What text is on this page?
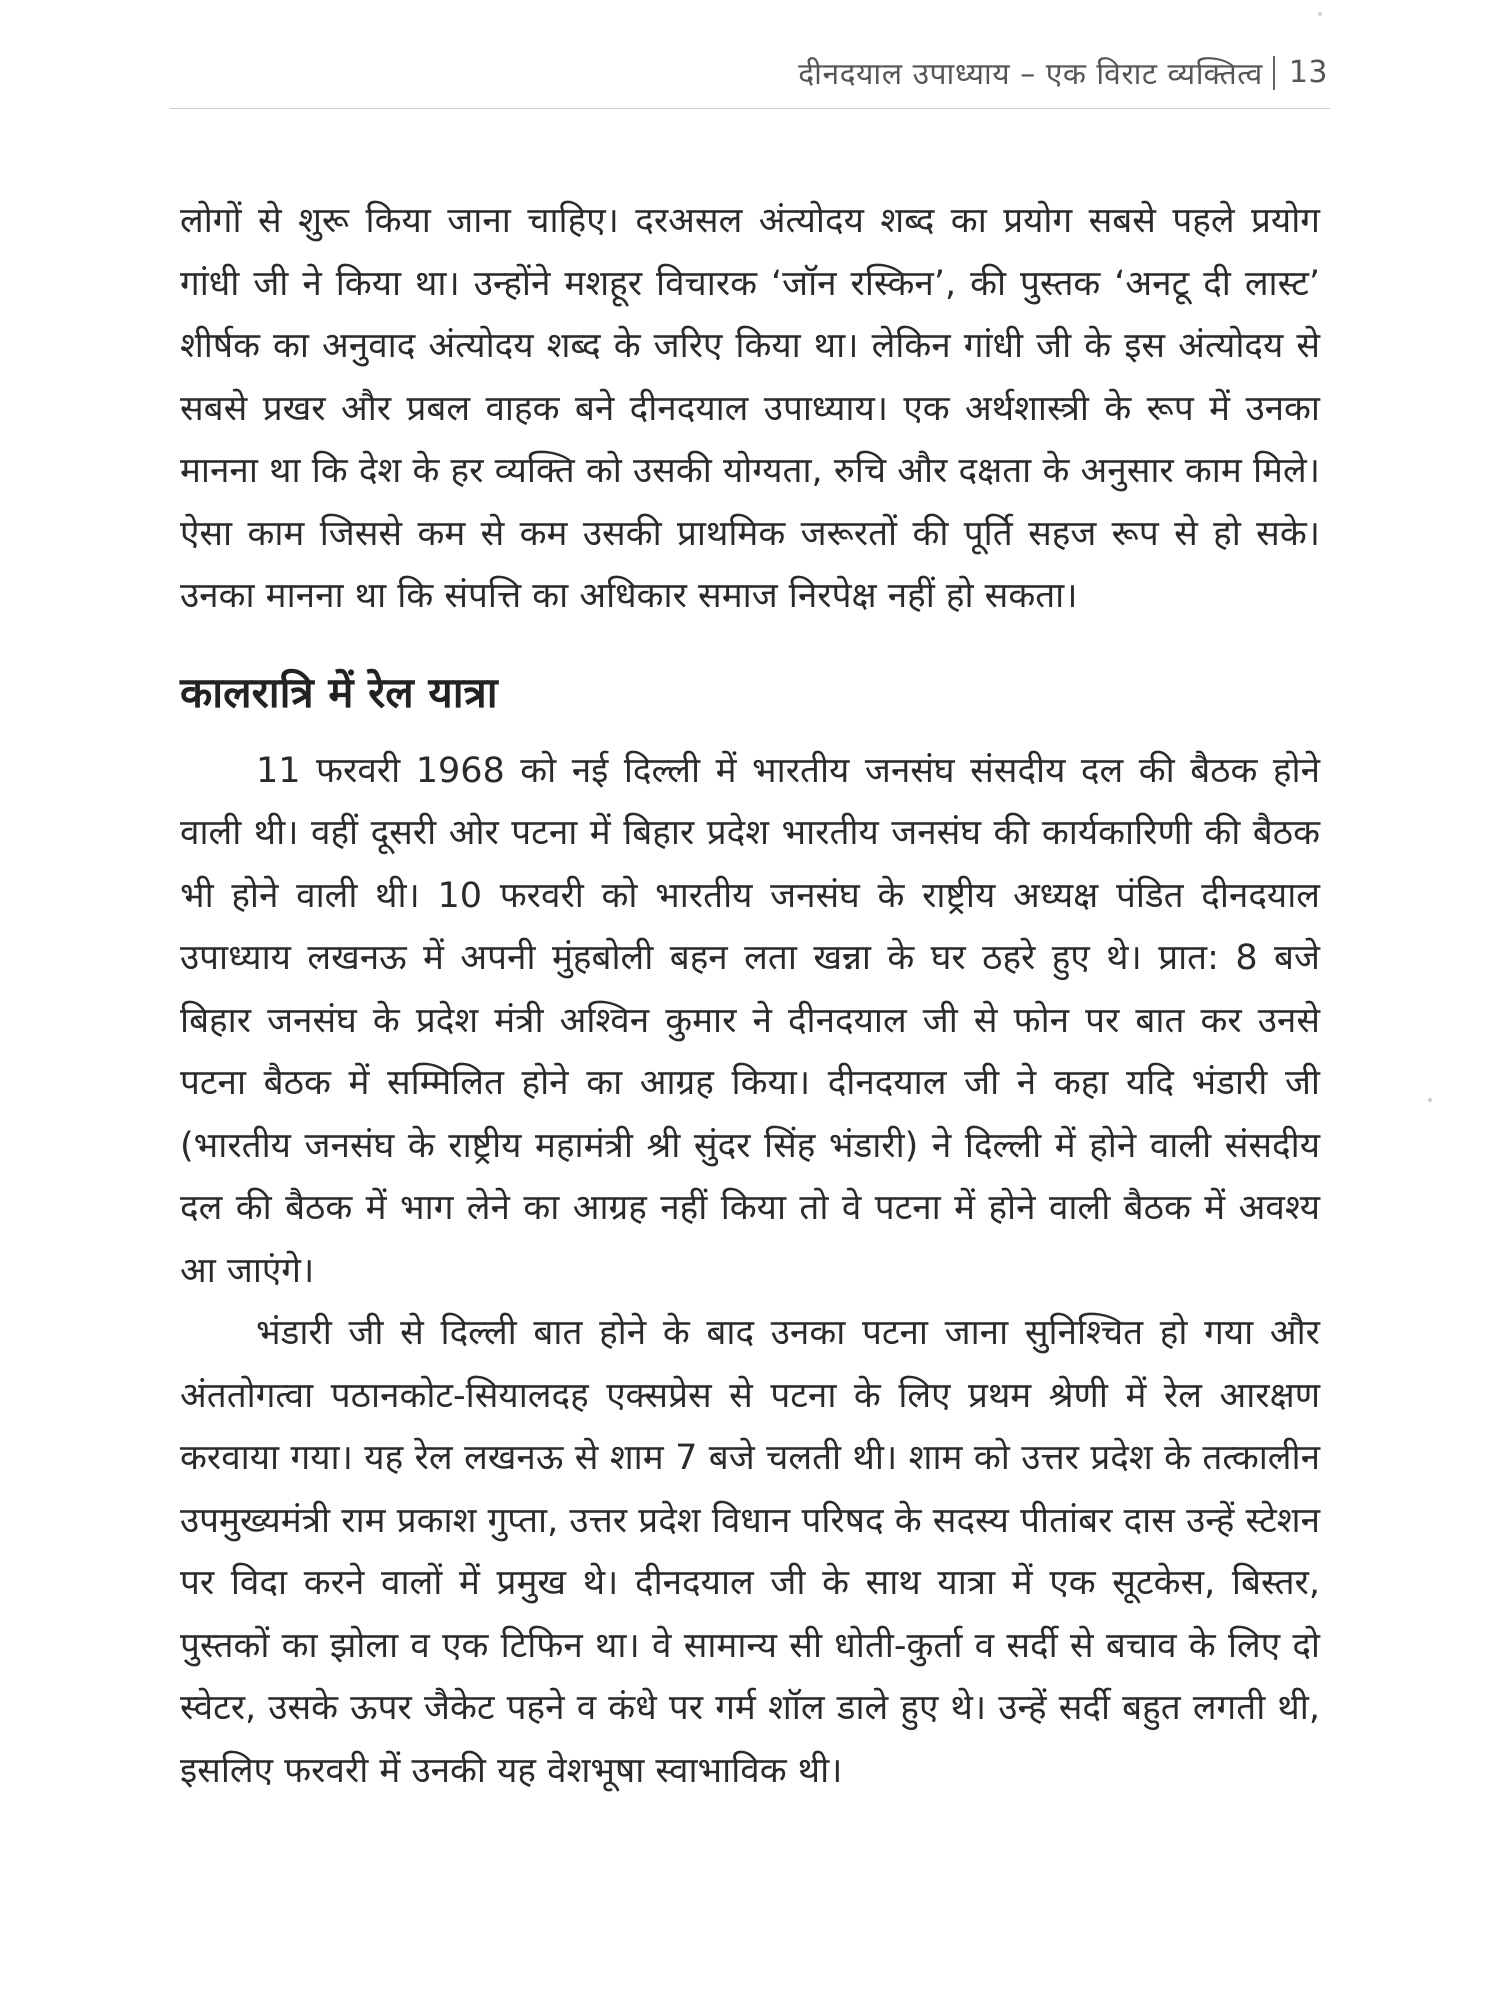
दीनदयाल उपाध्याय – एक विराट व्यक्तित्व 13

लोगों से शुरू किया जाना चाहिए। दरअसल अंत्योदय शब्द का प्रयोग सबसे पहले प्रयोग गांधी जी ने किया था। उन्होंने मशहूर विचारक ‘जॉन रस्किन’, की पुस्तक ‘अनटू दी लास्ट’ शीर्षक का अनुवाद अंत्योदय शब्द के जरिए किया था। लेकिन गांधी जी के इस अंत्योदय से सबसे प्रखर और प्रबल वाहक बने दीनदयाल उपाध्याय। एक अर्थशास्त्री के रूप में उनका मानना था कि देश के हर व्यक्ति को उसकी योग्यता, रुचि और दक्षता के अनुसार काम मिले। ऐसा काम जिससे कम से कम उसकी प्राथमिक जरूरतों की पूर्ति सहज रूप से हो सके। उनका मानना था कि संपत्ति का अधिकार समाज निरपेक्ष नहीं हो सकता।

कालरात्रि में रेल यात्रा

11 फरवरी 1968 को नई दिल्ली में भारतीय जनसंघ संसदीय दल की बैठक होने वाली थी। वहीं दूसरी ओर पटना में बिहार प्रदेश भारतीय जनसंघ की कार्यकारिणी की बैठक भी होने वाली थी। 10 फरवरी को भारतीय जनसंघ के राष्ट्रीय अध्यक्ष पंडित दीनदयाल उपाध्याय लखनऊ में अपनी मुंहबोली बहन लता खन्ना के घर ठहरे हुए थे। प्रात: 8 बजे बिहार जनसंघ के प्रदेश मंत्री अश्विन कुमार ने दीनदयाल जी से फोन पर बात कर उनसे पटना बैठक में सम्मिलित होने का आग्रह किया। दीनदयाल जी ने कहा यदि भंडारी जी (भारतीय जनसंघ के राष्ट्रीय महामंत्री श्री सुंदर सिंह भंडारी) ने दिल्ली में होने वाली संसदीय दल की बैठक में भाग लेने का आग्रह नहीं किया तो वे पटना में होने वाली बैठक में अवश्य आ जाएंगे।

भंडारी जी से दिल्ली बात होने के बाद उनका पटना जाना सुनिश्चित हो गया और अंततोगत्वा पठानकोट-सियालदह एक्सप्रेस से पटना के लिए प्रथम श्रेणी में रेल आरक्षण करवाया गया। यह रेल लखनऊ से शाम 7 बजे चलती थी। शाम को उत्तर प्रदेश के तत्कालीन उपमुख्यमंत्री राम प्रकाश गुप्ता, उत्तर प्रदेश विधान परिषद के सदस्य पीतांबर दास उन्हें स्टेशन पर विदा करने वालों में प्रमुख थे। दीनदयाल जी के साथ यात्रा में एक सूटकेस, बिस्तर, पुस्तकों का झोला व एक टिफिन था। वे सामान्य सी धोती-कुर्ता व सर्दी से बचाव के लिए दो स्वेटर, उसके ऊपर जैकेट पहने व कंधे पर गर्म शॉल डाले हुए थे। उन्हें सर्दी बहुत लगती थी, इसलिए फरवरी में उनकी यह वेशभूषा स्वाभाविक थी।
